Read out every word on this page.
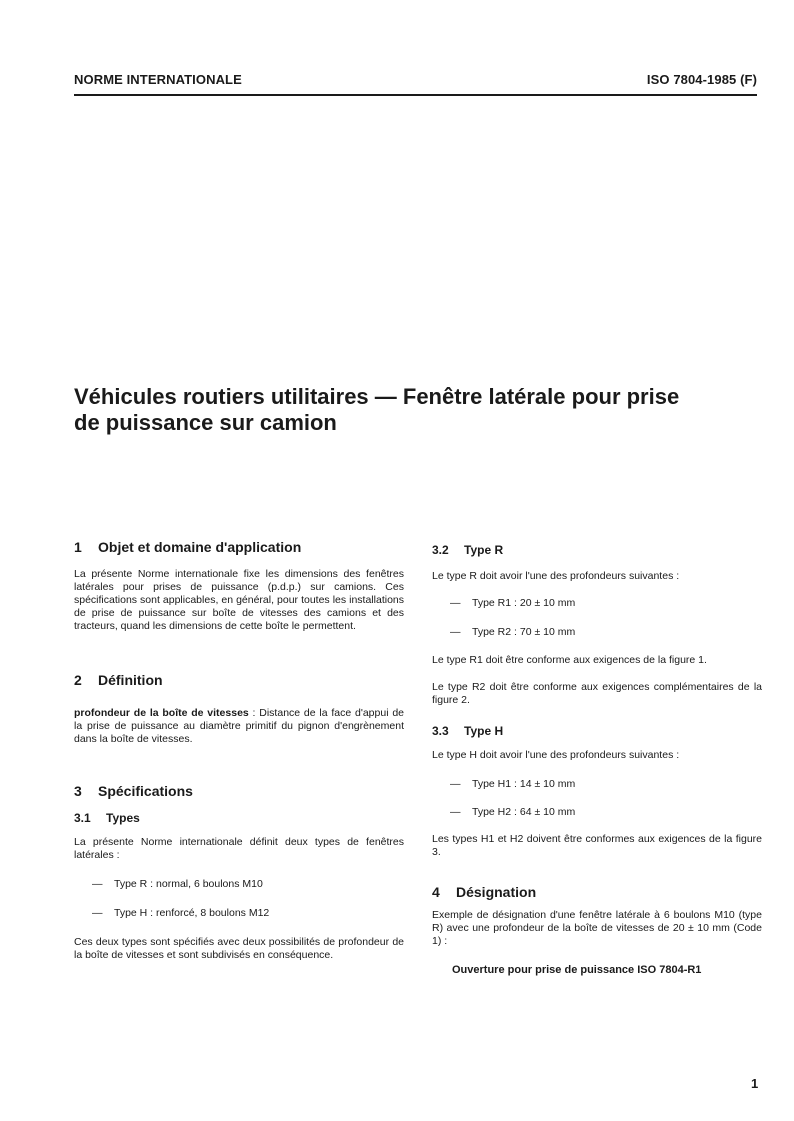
NORME INTERNATIONALE	ISO 7804-1985 (F)
Véhicules routiers utilitaires — Fenêtre latérale pour prise
de puissance sur camion
1 Objet et domaine d'application

La présente Norme internationale fixe les dimensions des fenêtres latérales pour prises de puissance (p.d.p.) sur camions. Ces spécifications sont applicables, en général, pour toutes les installations de prise de puissance sur boîte de vitesses des camions et des tracteurs, quand les dimensions de cette boîte le permettent.

2 Définition

profondeur de la boîte de vitesses : Distance de la face d'appui de la prise de puissance au diamètre primitif du pignon d'engrènement dans la boîte de vitesses.

3 Spécifications
3.1 Types

La présente Norme internationale définit deux types de fenêtres latérales :

—	Type R : normal, 6 boulons M10
—	Type H : renforcé, 8 boulons M12

Ces deux types sont spécifiés avec deux possibilités de profondeur de la boîte de vitesses et sont subdivisés en conséquence.

3.2 Type R

Le type R doit avoir l'une des profondeurs suivantes :

—	Type R1 : 20 ± 10 mm
—	Type R2 : 70 ± 10 mm

Le type R1 doit être conforme aux exigences de la figure 1.

Le type R2 doit être conforme aux exigences complémentaires de la figure 2.

3.3 Type H

Le type H doit avoir l'une des profondeurs suivantes :

—	Type H1 : 14 ± 10 mm
—	Type H2 : 64 ± 10 mm

Les types H1 et H2 doivent être conformes aux exigences de la figure 3.

4 Désignation

Exemple de désignation d'une fenêtre latérale à 6 boulons M10 (type R) avec une profondeur de la boîte de vitesses de 20 ± 10 mm (Code 1) :

Ouverture pour prise de puissance ISO 7804-R1

1
